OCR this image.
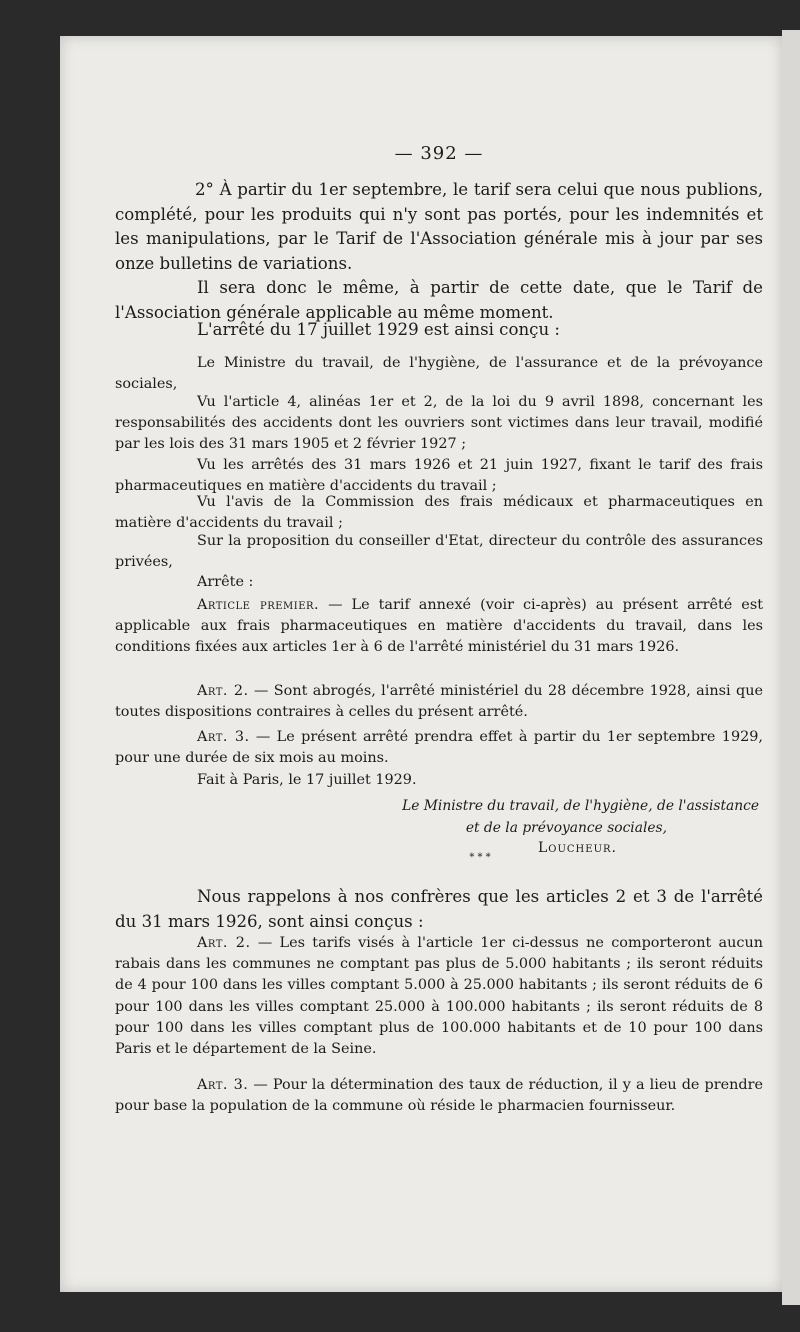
— 392 —

2° À partir du 1er septembre, le tarif sera celui que nous publions, complété, pour les produits qui n'y sont pas portés, pour les indemnités et les manipulations, par le Tarif de l'Association générale mis à jour par ses onze bulletins de variations.

Il sera donc le même, à partir de cette date, que le Tarif de l'Association générale applicable au même moment.

L'arrêté du 17 juillet 1929 est ainsi conçu :

Le Ministre du travail, de l'hygiène, de l'assurance et de la prévoyance sociales,

Vu l'article 4, alinéas 1er et 2, de la loi du 9 avril 1898, concernant les responsabilités des accidents dont les ouvriers sont victimes dans leur travail, modifié par les lois des 31 mars 1905 et 2 février 1927 ;

Vu les arrêtés des 31 mars 1926 et 21 juin 1927, fixant le tarif des frais pharmaceutiques en matière d'accidents du travail ;

Vu l'avis de la Commission des frais médicaux et pharmaceutiques en matière d'accidents du travail ;

Sur la proposition du conseiller d'Etat, directeur du contrôle des assurances privées,

Arrête :

Article premier. — Le tarif annexé (voir ci-après) au présent arrêté est applicable aux frais pharmaceutiques en matière d'accidents du travail, dans les conditions fixées aux articles 1er à 6 de l'arrêté ministériel du 31 mars 1926.

Art. 2. — Sont abrogés, l'arrêté ministériel du 28 décembre 1928, ainsi que toutes dispositions contraires à celles du présent arrêté.

Art. 3. — Le présent arrêté prendra effet à partir du 1er septembre 1929, pour une durée de six mois au moins.

Fait à Paris, le 17 juillet 1929.

Le Ministre du travail, de l'hygiène, de l'assistance
et de la prévoyance sociales,
Loucheur.
* * *

Nous rappelons à nos confrères que les articles 2 et 3 de l'arrêté du 31 mars 1926, sont ainsi conçus :

Art. 2. — Les tarifs visés à l'article 1er ci-dessus ne comporteront aucun rabais dans les communes ne comptant pas plus de 5.000 habitants ; ils seront réduits de 4 pour 100 dans les villes comptant 5.000 à 25.000 habitants ; ils seront réduits de 6 pour 100 dans les villes comptant 25.000 à 100.000 habitants ; ils seront réduits de 8 pour 100 dans les villes comptant plus de 100.000 habitants et de 10 pour 100 dans Paris et le département de la Seine.

Art. 3. — Pour la détermination des taux de réduction, il y a lieu de prendre pour base la population de la commune où réside le pharmacien fournisseur.
